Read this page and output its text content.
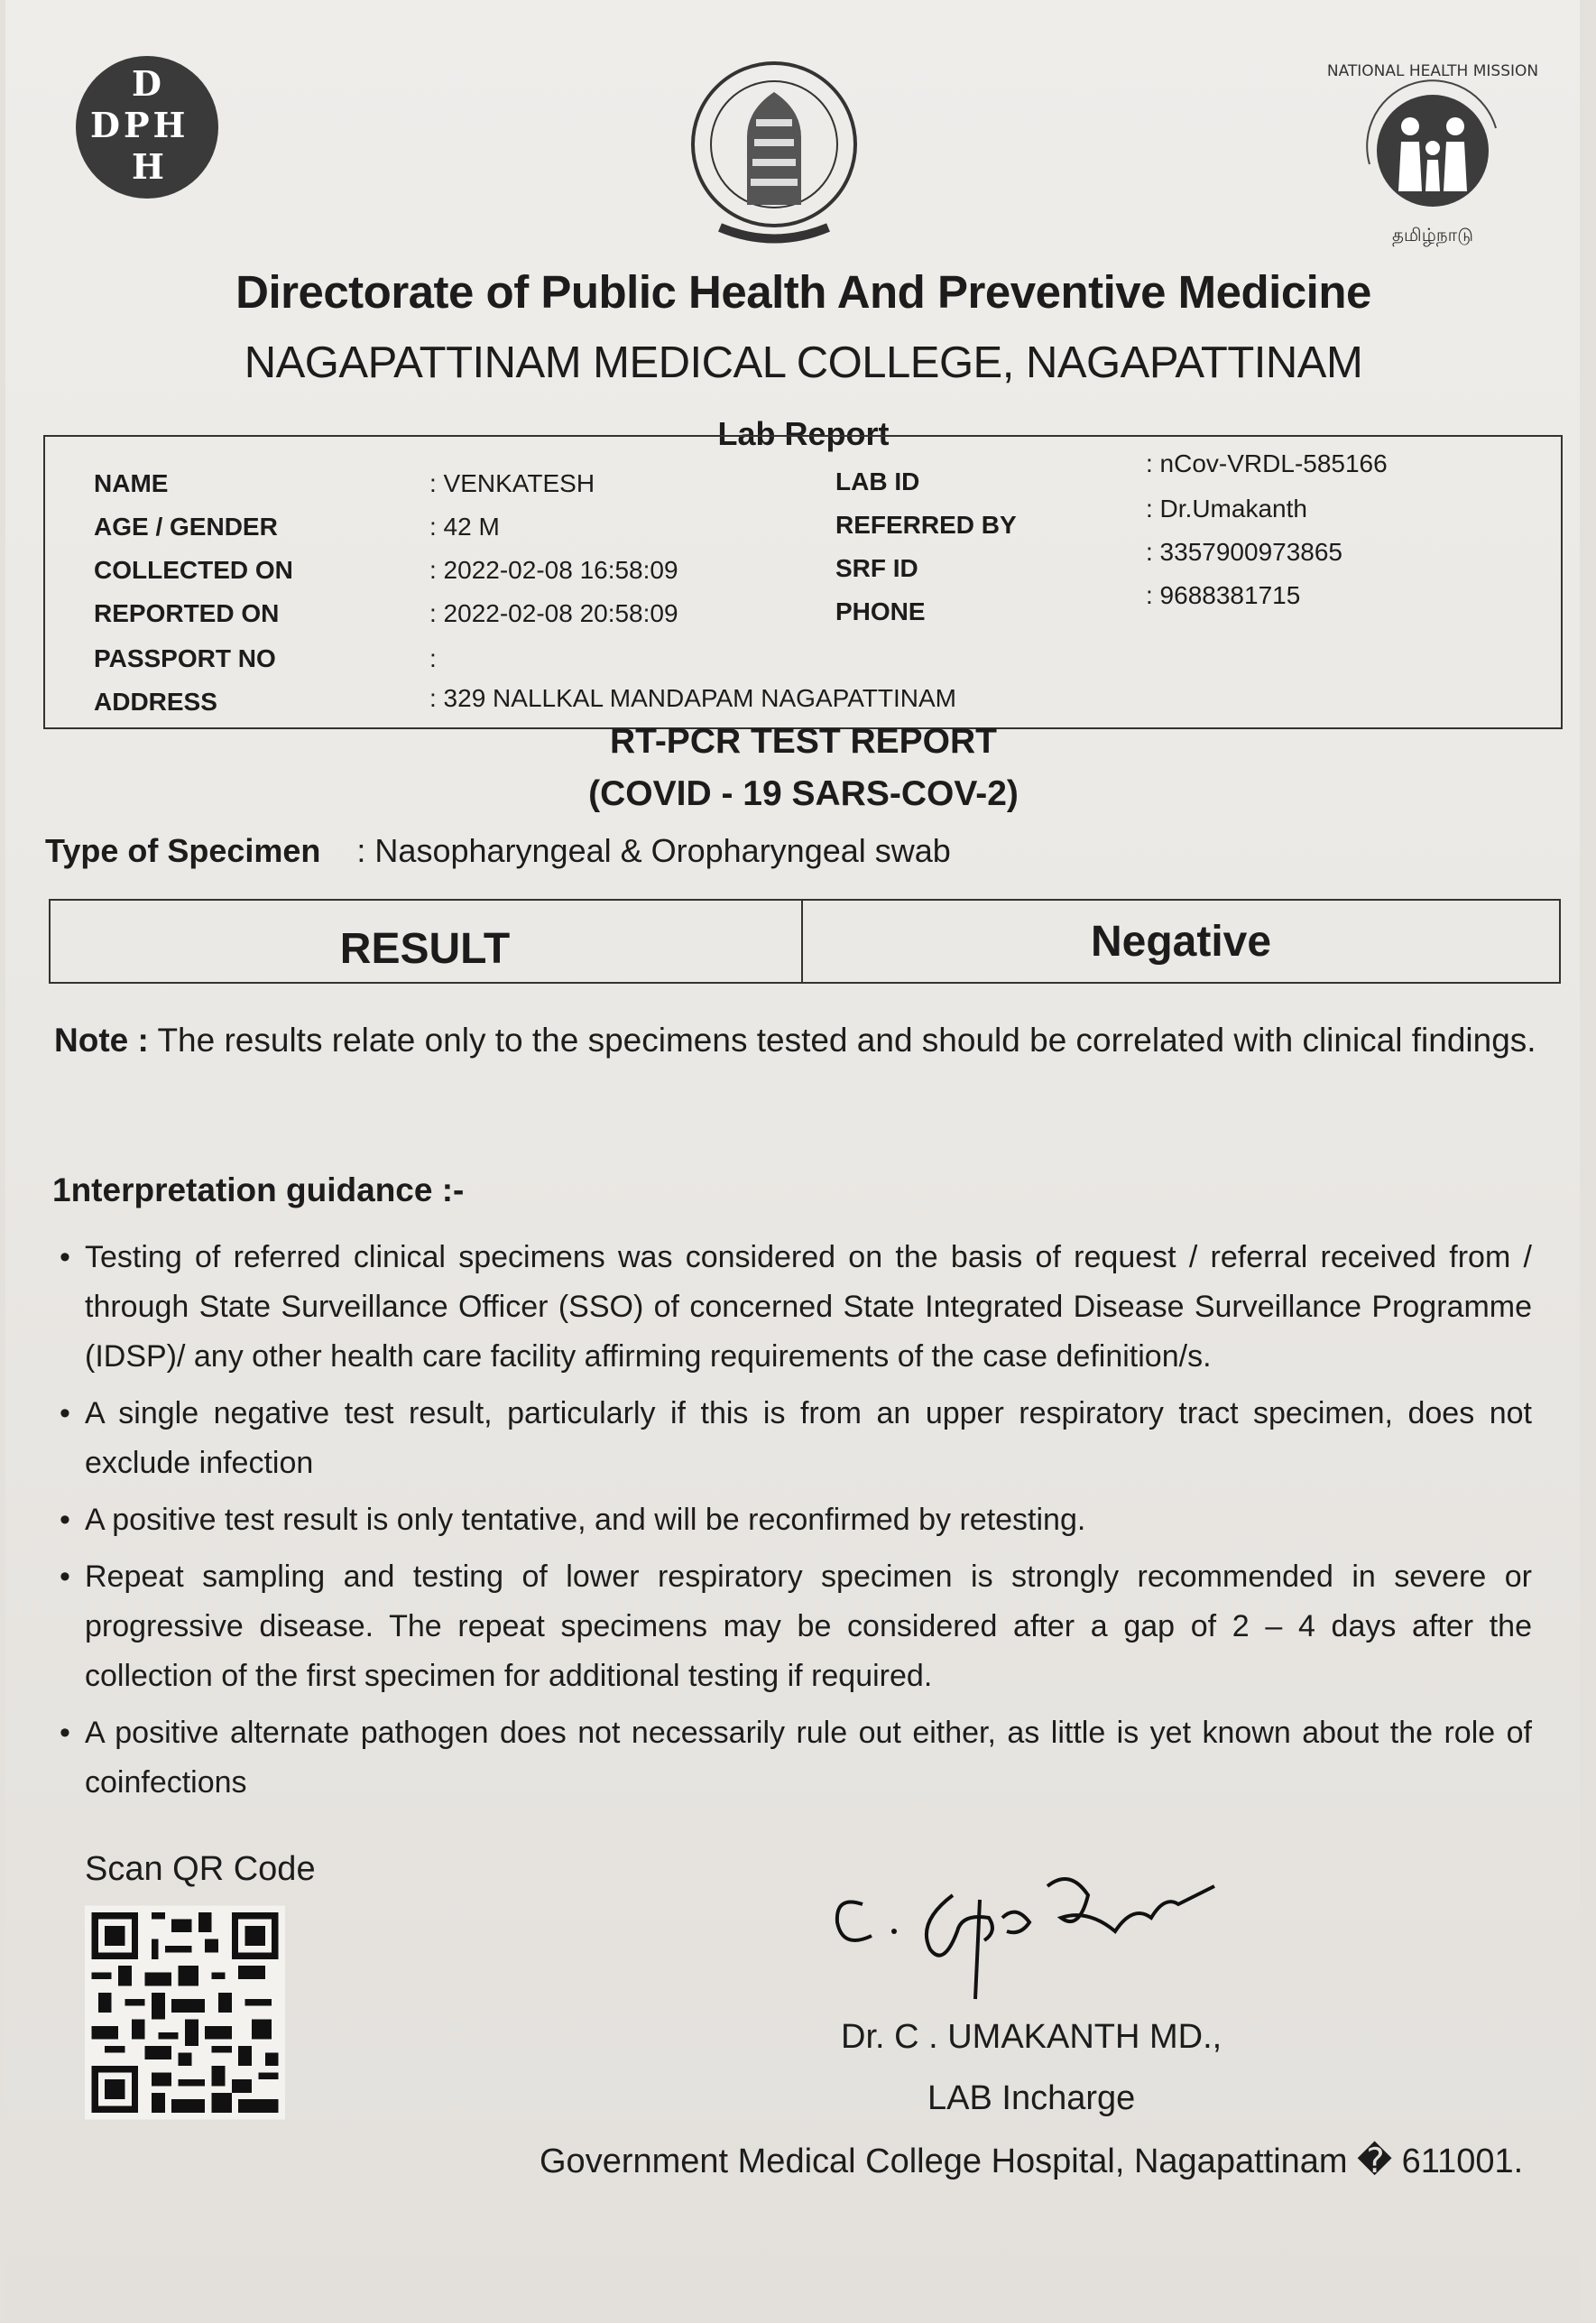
D
DPH
H
தமிழ்நாடு
NATIONAL HEALTH MISSION
Directorate of Public Health And Preventive Medicine
NAGAPATTINAM MEDICAL COLLEGE, NAGAPATTINAM
Lab Report
NAME	: VENKATESH
AGE / GENDER	: 42 M
COLLECTED ON	: 2022-02-08 16:58:09
REPORTED ON	: 2022-02-08 20:58:09
PASSPORT NO	:
ADDRESS	: 329 NALLKAL MANDAPAM NAGAPATTINAM
LAB ID
: nCov-VRDL-585166
REFERRED BY
: Dr.Umakanth
SRF ID
: 3357900973865
PHONE
: 9688381715
RT-PCR TEST REPORT
(COVID - 19 SARS-COV-2)
Type of Specimen : Nasopharyngeal & Oropharyngeal swab
RESULT	Negative
Note : The results relate only to the specimens tested and should be correlated with clinical findings.
1nterpretation guidance :-
• Testing of referred clinical specimens was considered on the basis of request / referral received from / through State Surveillance Officer (SSO) of concerned State Integrated Disease Surveillance Programme (IDSP)/ any other health care facility affirming requirements of the case definition/s.
• A single negative test result, particularly if this is from an upper respiratory tract specimen, does not exclude infection
• A positive test result is only tentative, and will be reconfirmed by retesting.
• Repeat sampling and testing of lower respiratory specimen is strongly recommended in severe or progressive disease. The repeat specimens may be considered after a gap of 2 – 4 days after the collection of the first specimen for additional testing if required.
• A positive alternate pathogen does not necessarily rule out either, as little is yet known about the role of coinfections
Scan QR Code
Dr. C . UMAKANTH MD.,
LAB Incharge
Government Medical College Hospital, Nagapattinam � 611001.
